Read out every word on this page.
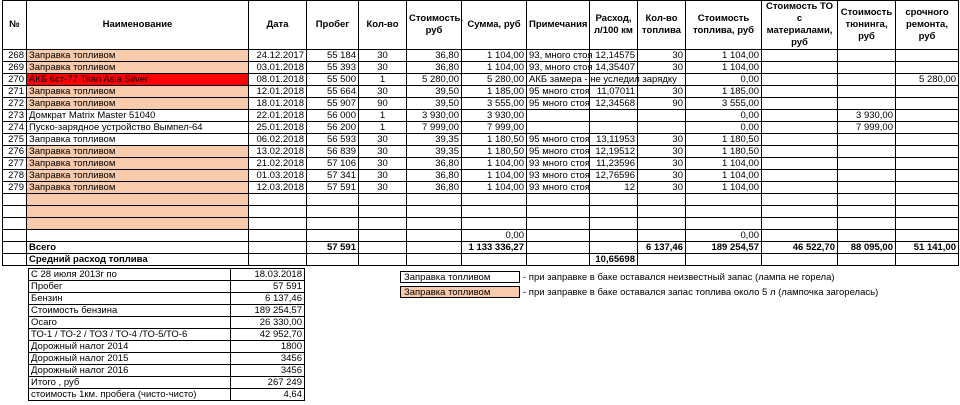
№	Наименование	Дата	Пробег	Кол-во	Стоимость, руб	Сумма, руб	Примечания	Расход, л/100 км	Кол-во топлива	Стоимость топлива, руб	Стоимость ТО с материалами, руб	Стоимость тюнинга, руб	срочного ремонта, руб
268	Заправка топливом	24.12.2017	55 184	30	36,80	1 104,00	93, много стоя	12,14575	30	1 104,00			
269	Заправка топливом	03.01.2018	55 393	30	36,80	1 104,00	93, много стоя	14,35407	30	1 104,00			
270	АКБ 6ст-77 Titan Asia Silver	08.01.2018	55 500	1	5 280,00	5 280,00	АКБ замера - не уследил зарядку			0,00			5 280,00
271	Заправка топливом	12.01.2018	55 664	30	39,50	1 185,00	95 много стоя	11,07011	30	1 185,00			
272	Заправка топливом	18.01.2018	55 907	90	39,50	3 555,00	95 много стоя	12,34568	90	3 555,00			
273	Домкрат Matrix Master 51040	22.01.2018	56 000	1	3 930,00	3 930,00				0,00		3 930,00	
274	Пуско-зарядное устройство Вымпел-64	25.01.2018	56 200	1	7 999,00	7 999,00				0,00		7 999,00	
275	Заправка топливом	06.02.2018	56 593	30	39,35	1 180,50	95 много стоя	13,11953	30	1 180,50			
276	Заправка топливом	13.02.2018	56 839	30	39,35	1 180,50	95 много стоя	12,19512	30	1 180,50			
277	Заправка топливом	21.02.2018	57 106	30	36,80	1 104,00	93 много стоя	11,23596	30	1 104,00			
278	Заправка топливом	01.03.2018	57 341	30	36,80	1 104,00	93 много стоя	12,76596	30	1 104,00			
279	Заправка топливом	12.03.2018	57 591	30	36,80	1 104,00	93 много стоя	12	30	1 104,00			

						0,00				0,00			
	Всего		57 591			1 133 336,27			6 137,46	189 254,57	46 522,70	88 095,00	51 141,00
	Средний расход топлива							10,65698					
С 28 июля 2013г по	18.03.2018
Пробег	57 591
Бензин	6 137,46
Стоимость бензина	189 254,57
Осаго	26 330,00
ТО-1 / ТО-2 / ТОЗ / ТО-4 /ТО-5/ТО-6	42 952,70
Дорожный налог 2014	1800
Дорожный налог 2015	3456
Дорожный налог 2016	3456
Итого , руб	267 249
стоимость 1км. пробега (чисто-чисто)	4,64
Заправка топливом	- при заправке в баке оставался неизвестный запас (лампа не горела)
Заправка топливом	- при заправке в баке оставался запас топлива около 5 л (лампочка загорелась)
